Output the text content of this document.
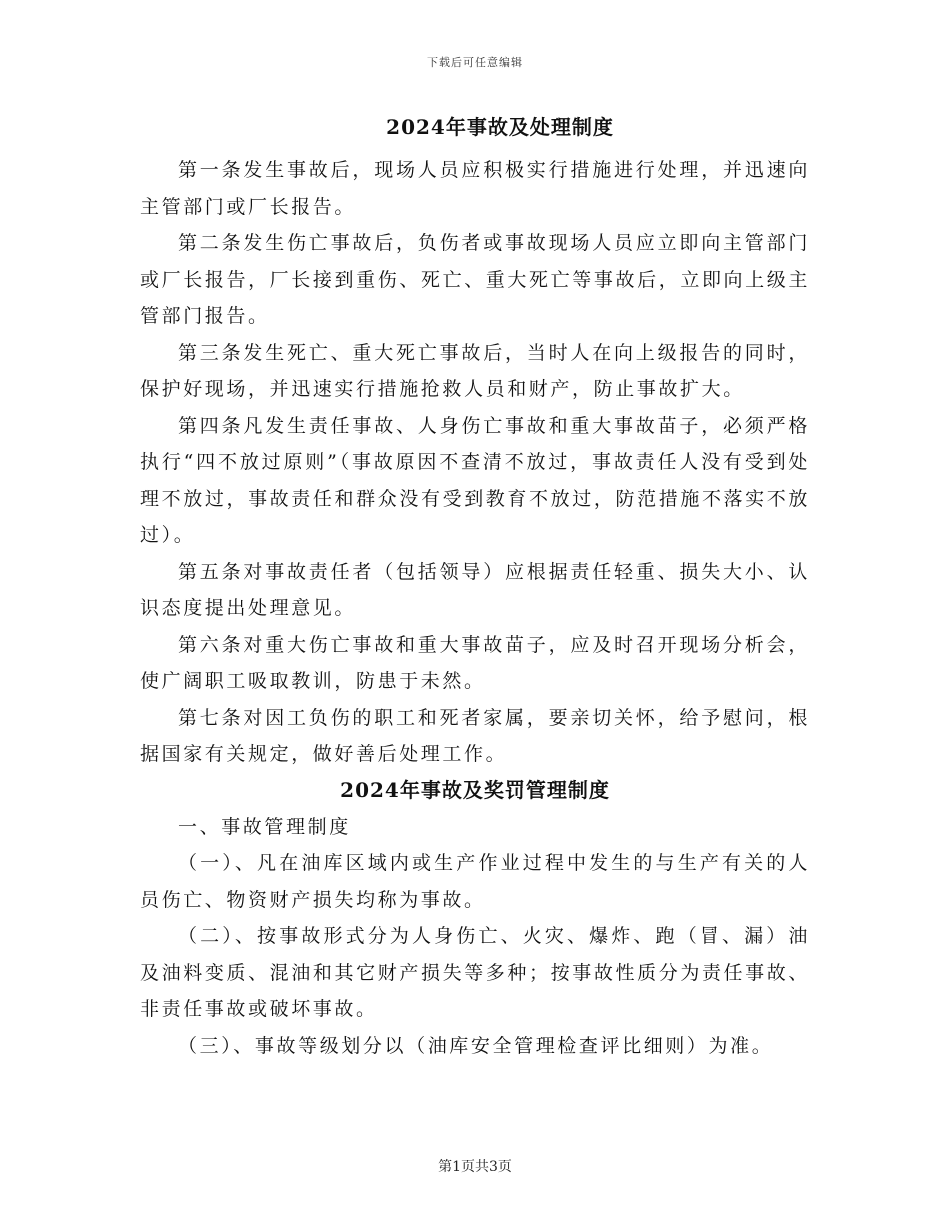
下载后可任意编辑
2024年事故及处理制度

第一条发生事故后，现场人员应积极实行措施进行处理，并迅速向主管部门或厂长报告。

第二条发生伤亡事故后，负伤者或事故现场人员应立即向主管部门或厂长报告，厂长接到重伤、死亡、重大死亡等事故后，立即向上级主管部门报告。

第三条发生死亡、重大死亡事故后，当时人在向上级报告的同时，保护好现场，并迅速实行措施抢救人员和财产，防止事故扩大。

第四条凡发生责任事故、人身伤亡事故和重大事故苗子，必须严格执行“四不放过原则”（事故原因不查清不放过，事故责任人没有受到处理不放过，事故责任和群众没有受到教育不放过，防范措施不落实不放过）。

第五条对事故责任者（包括领导）应根据责任轻重、损失大小、认识态度提出处理意见。

第六条对重大伤亡事故和重大事故苗子，应及时召开现场分析会，使广阔职工吸取教训，防患于未然。

第七条对因工负伤的职工和死者家属，要亲切关怀，给予慰问，根据国家有关规定，做好善后处理工作。

2024年事故及奖罚管理制度

一、事故管理制度

（一）、凡在油库区域内或生产作业过程中发生的与生产有关的人员伤亡、物资财产损失均称为事故。

（二）、按事故形式分为人身伤亡、火灾、爆炸、跑（冒、漏）油及油料变质、混油和其它财产损失等多种；按事故性质分为责任事故、非责任事故或破坏事故。

（三）、事故等级划分以（油库安全管理检查评比细则）为准。

第1页共3页
